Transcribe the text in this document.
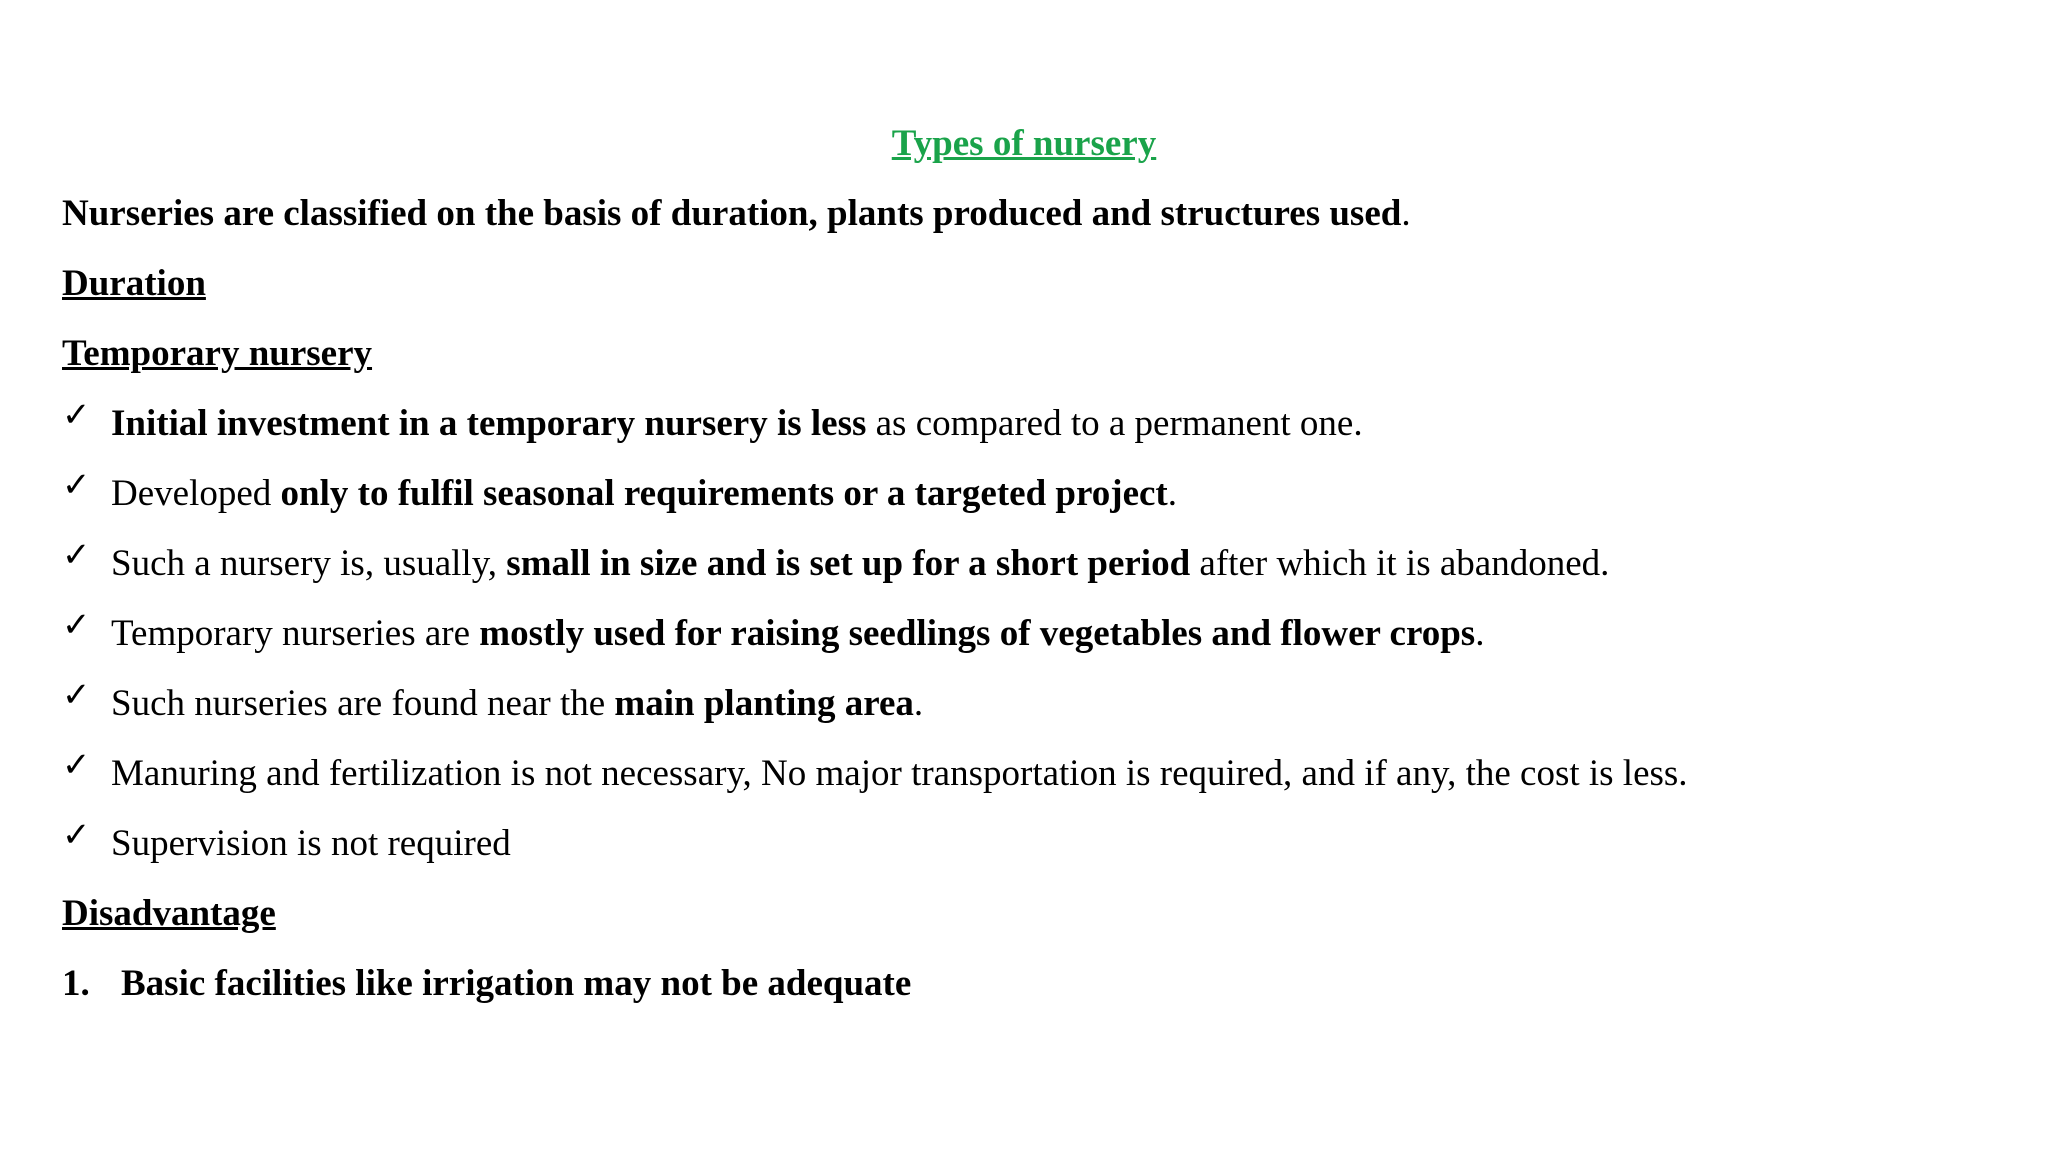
Types of nursery
Nurseries are classified on the basis of duration, plants produced and structures used.
Duration
Temporary nursery
✓ Initial investment in a temporary nursery is less as compared to a permanent one.
✓ Developed only to fulfil seasonal requirements or a targeted project.
✓ Such a nursery is, usually, small in size and is set up for a short period after which it is abandoned.
✓ Temporary nurseries are mostly used for raising seedlings of vegetables and flower crops.
✓ Such nurseries are found near the main planting area.
✓ Manuring and fertilization is not necessary, No major transportation is required, and if any, the cost is less.
✓ Supervision is not required
Disadvantage
1. Basic facilities like irrigation may not be adequate
